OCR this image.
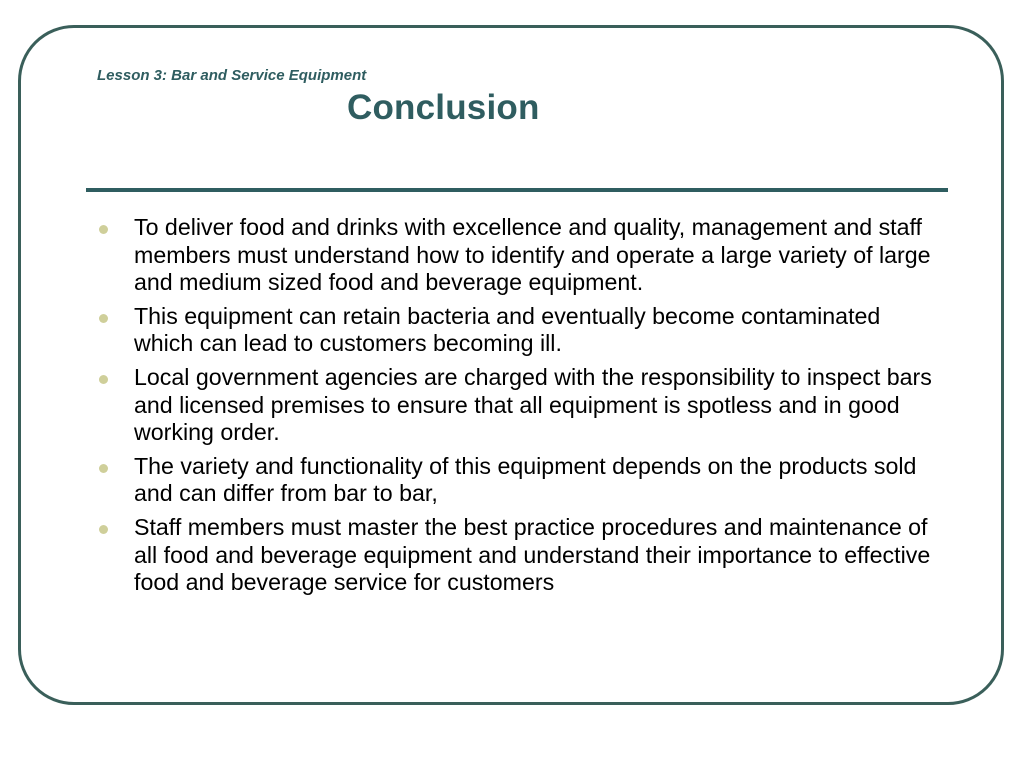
Lesson 3: Bar and Service Equipment
Conclusion
To deliver food and drinks with excellence and quality, management and staff members must understand how to identify and operate a large variety of large and medium sized food and beverage equipment.
This equipment can retain bacteria and eventually become contaminated which can lead to customers becoming ill.
Local government agencies are charged with the responsibility to inspect bars and licensed premises to ensure that all equipment is spotless and in good working order.
The variety and functionality of this equipment depends on the products sold and can differ from bar to bar,
Staff members must master the best practice procedures and maintenance of all food and beverage equipment and understand their importance to effective food and beverage service for customers
